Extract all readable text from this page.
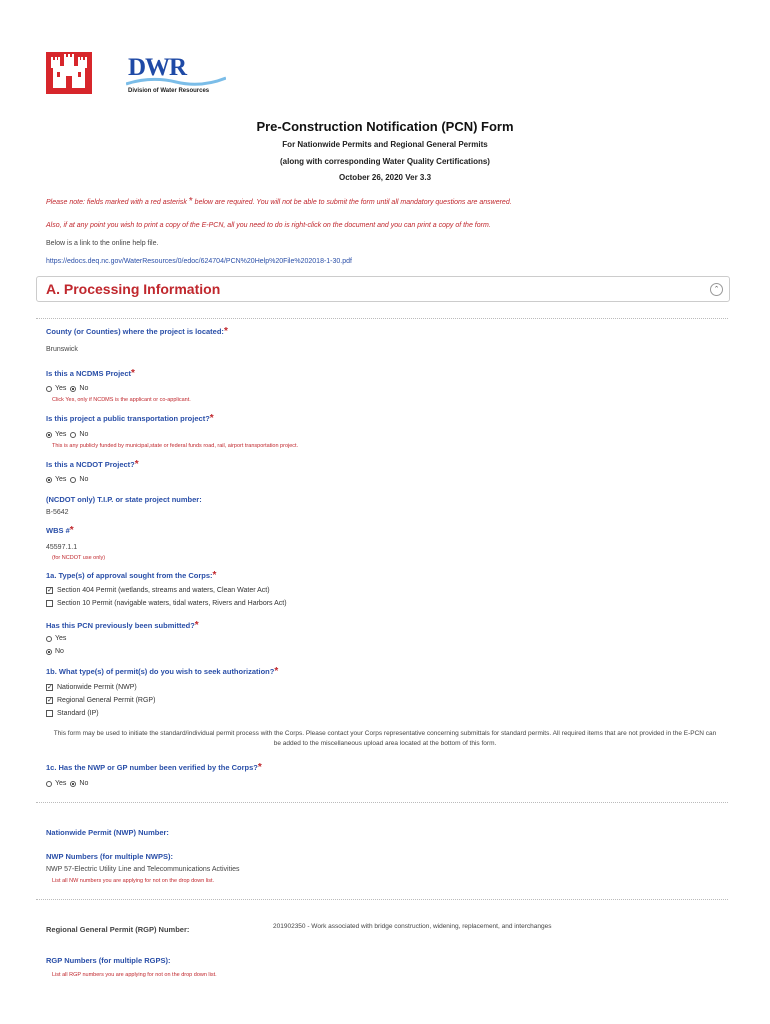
DWR
Division of Water Resources
Pre-Construction Notification (PCN) Form
For Nationwide Permits and Regional General Permits
(along with corresponding Water Quality Certifications)
October 26, 2020 Ver 3.3
Please note: fields marked with a red asterisk * below are required. You will not be able to submit the form until all mandatory questions are answered.
Also, if at any point you wish to print a copy of the E-PCN, all you need to do is right-click on the document and you can print a copy of the form.
Below is a link to the online help file.
https://edocs.deq.nc.gov/WaterResources/0/edoc/624704/PCN%20Help%20File%202018-1-30.pdf
A. Processing Information	⌃
County (or Counties) where the project is located:*
Brunswick
Is this a NCDMS Project*
Yes No
Click Yes, only if NCDMS is the applicant or co-applicant.
Is this project a public transportation project?*
Yes No
This is any publicly funded by municipal,state or federal funds road, rail, airport transportation project.
Is this a NCDOT Project?*
Yes No
(NCDOT only) T.I.P. or state project number:
B-5642
WBS #*
45597.1.1
(for NCDOT use only)
1a. Type(s) of approval sought from the Corps:*
✓ Section 404 Permit (wetlands, streams and waters, Clean Water Act)
Section 10 Permit (navigable waters, tidal waters, Rivers and Harbors Act)
Has this PCN previously been submitted?*
Yes
No
1b. What type(s) of permit(s) do you wish to seek authorization?*
✓ Nationwide Permit (NWP)
✓ Regional General Permit (RGP)
Standard (IP)
This form may be used to initiate the standard/individual permit process with the Corps. Please contact your Corps representative concerning submittals for standard permits. All required items that are not provided in the E-PCN can be added to the miscellaneous upload area located at the bottom of this form.
1c. Has the NWP or GP number been verified by the Corps?*
Yes No
Nationwide Permit (NWP) Number:
NWP Numbers (for multiple NWPS):
NWP 57-Electric Utility Line and Telecommunications Activities
List all NW numbers you are applying for not on the drop down list.
Regional General Permit (RGP) Number:	201902350 - Work associated with bridge construction, widening, replacement, and interchanges
RGP Numbers (for multiple RGPS):
List all RGP numbers you are applying for not on the drop down list.
